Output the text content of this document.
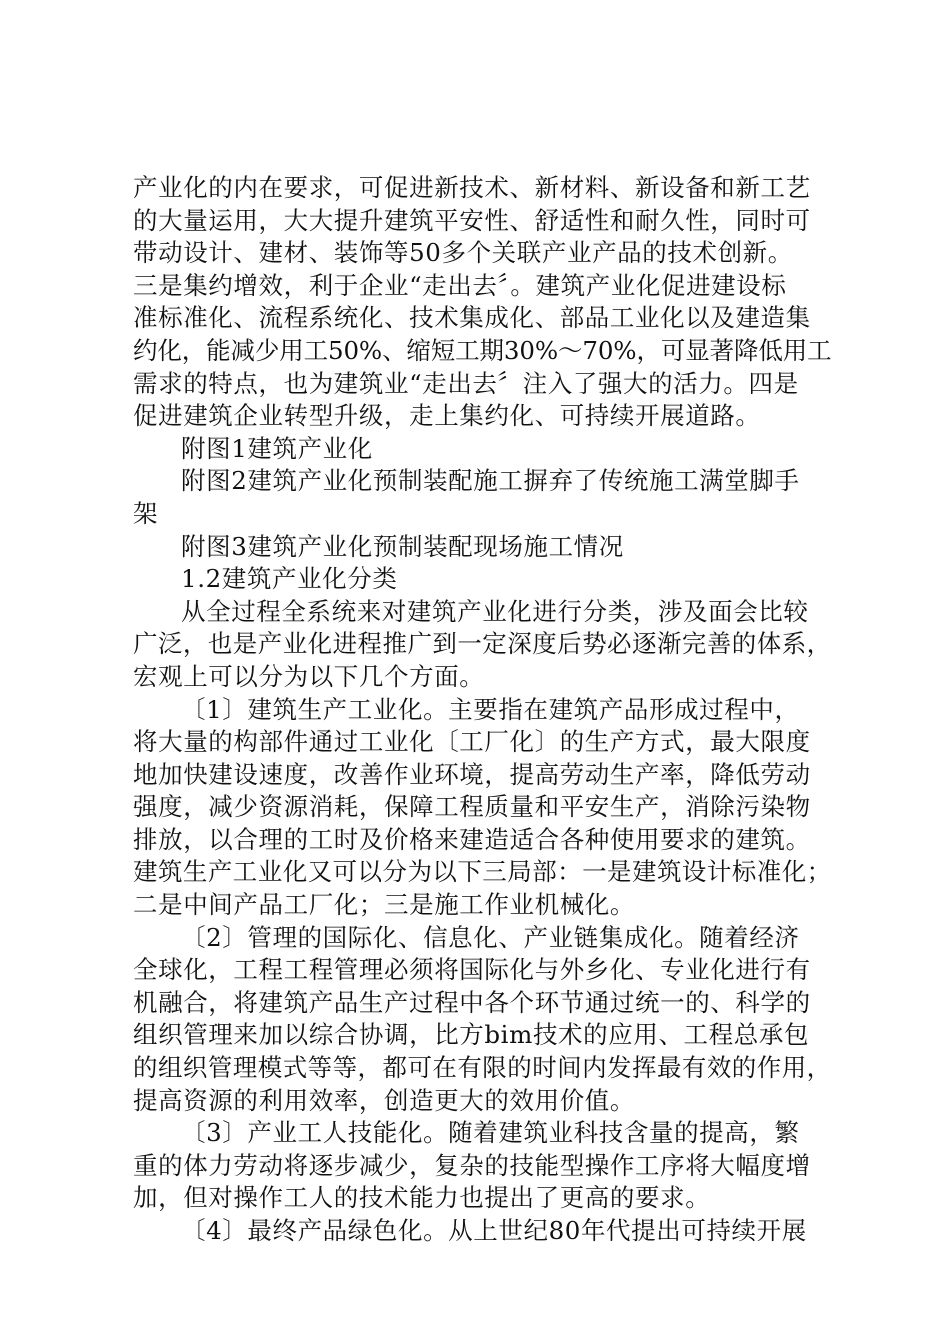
产业化的内在要求，可促进新技术、新材料、新设备和新工艺
的大量运用，大大提升建筑平安性、舒适性和耐久性，同时可
带动设计、建材、装饰等50多个关联产业产品的技术创新。
三是集约增效，利于企业“走出去〞。建筑产业化促进建设标
准标准化、流程系统化、技术集成化、部品工业化以及建造集
约化，能减少用工50%、缩短工期30%～70%，可显著降低用工
需求的特点，也为建筑业“走出去〞注入了强大的活力。四是
促进建筑企业转型升级，走上集约化、可持续开展道路。
附图1建筑产业化
附图2建筑产业化预制装配施工摒弃了传统施工满堂脚手
架
附图3建筑产业化预制装配现场施工情况
1.2建筑产业化分类
从全过程全系统来对建筑产业化进行分类，涉及面会比较
广泛，也是产业化进程推广到一定深度后势必逐渐完善的体系，
宏观上可以分为以下几个方面。
〔1〕建筑生产工业化。主要指在建筑产品形成过程中，
将大量的构部件通过工业化〔工厂化〕的生产方式，最大限度
地加快建设速度，改善作业环境，提高劳动生产率，降低劳动
强度，减少资源消耗，保障工程质量和平安生产，消除污染物
排放，以合理的工时及价格来建造适合各种使用要求的建筑。
建筑生产工业化又可以分为以下三局部：一是建筑设计标准化；
二是中间产品工厂化；三是施工作业机械化。
〔2〕管理的国际化、信息化、产业链集成化。随着经济
全球化，工程工程管理必须将国际化与外乡化、专业化进行有
机融合，将建筑产品生产过程中各个环节通过统一的、科学的
组织管理来加以综合协调，比方bim技术的应用、工程总承包
的组织管理模式等等，都可在有限的时间内发挥最有效的作用，
提高资源的利用效率，创造更大的效用价值。
〔3〕产业工人技能化。随着建筑业科技含量的提高，繁
重的体力劳动将逐步减少，复杂的技能型操作工序将大幅度增
加，但对操作工人的技术能力也提出了更高的要求。
〔4〕最终产品绿色化。从上世纪80年代提出可持续开展
